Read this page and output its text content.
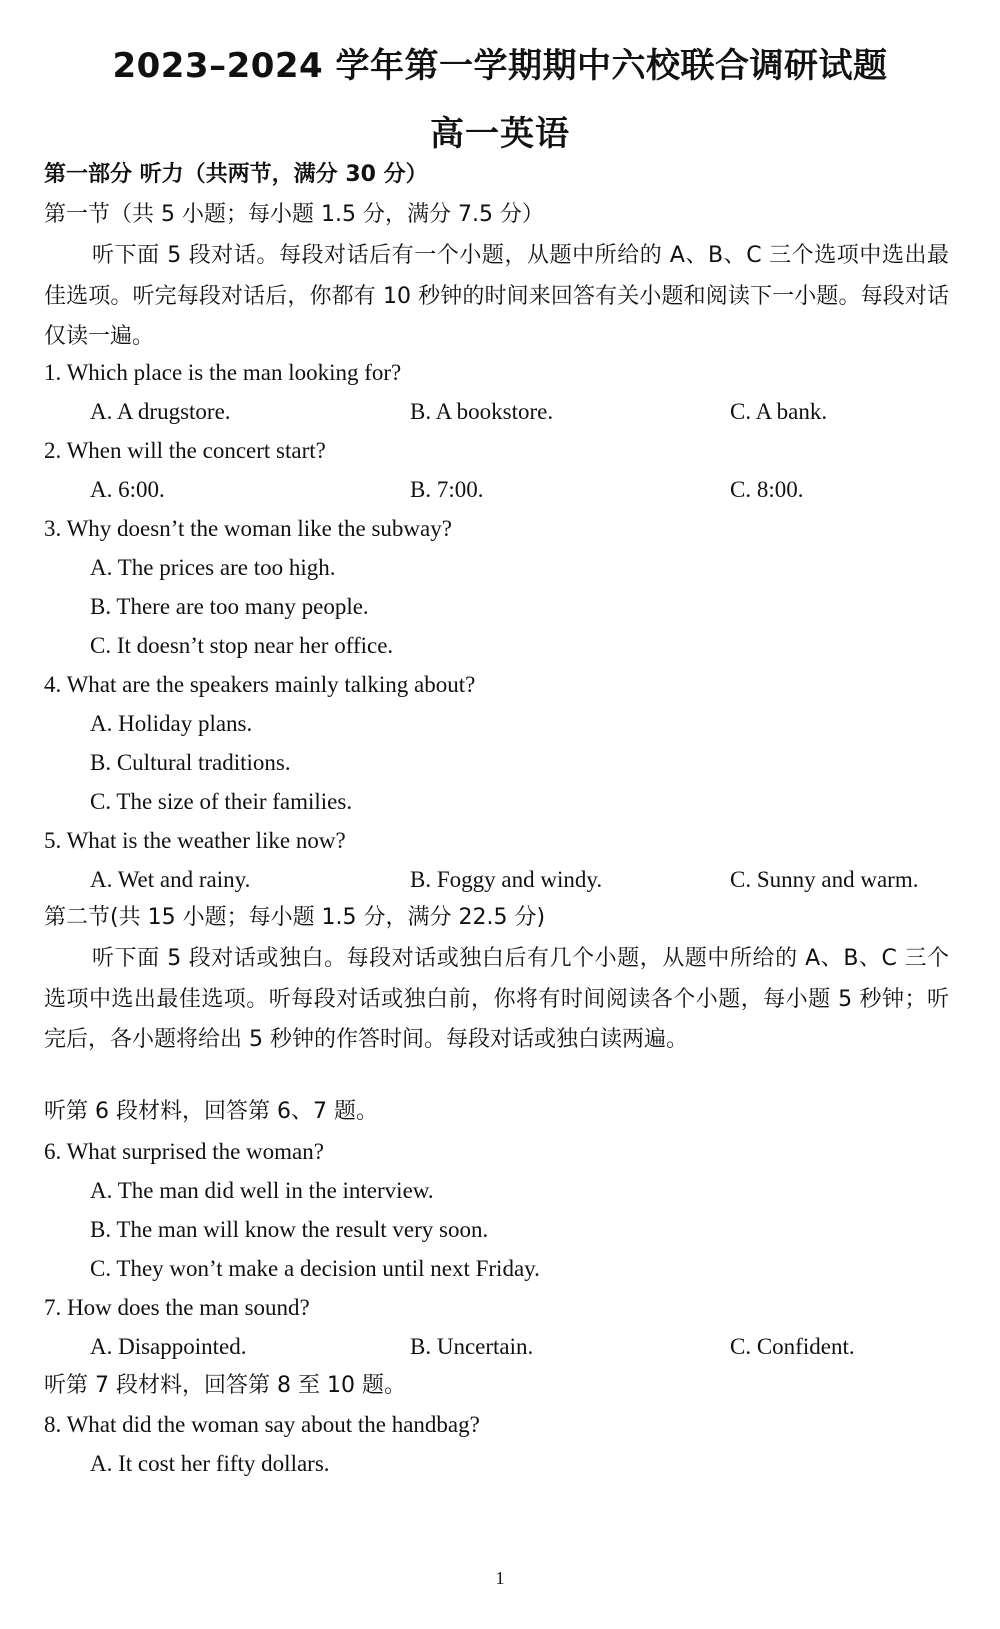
2023–2024 学年第一学期期中六校联合调研试题
高一英语
第一部分 听力（共两节，满分 30 分）
第一节（共 5 小题；每小题 1.5 分，满分 7.5 分）
听下面 5 段对话。每段对话后有一个小题，从题中所给的 A、B、C 三个选项中选出最佳选项。听完每段对话后，你都有 10 秒钟的时间来回答有关小题和阅读下一小题。每段对话仅读一遍。
1. Which place is the man looking for?
A. A drugstore.	B. A bookstore.	C. A bank.
2. When will the concert start?
A. 6:00.	B. 7:00.	C. 8:00.
3. Why doesn’t the woman like the subway?
A. The prices are too high.
B. There are too many people.
C. It doesn’t stop near her office.
4. What are the speakers mainly talking about?
A. Holiday plans.
B. Cultural traditions.
C. The size of their families.
5. What is the weather like now?
A. Wet and rainy.	B. Foggy and windy.	C. Sunny and warm.
第二节(共 15 小题；每小题 1.5 分，满分 22.5 分)
听下面 5 段对话或独白。每段对话或独白后有几个小题，从题中所给的 A、B、C 三个选项中选出最佳选项。听每段对话或独白前，你将有时间阅读各个小题，每小题 5 秒钟；听完后，各小题将给出 5 秒钟的作答时间。每段对话或独白读两遍。
听第 6 段材料，回答第 6、7 题。
6. What surprised the woman?
A. The man did well in the interview.
B. The man will know the result very soon.
C. They won’t make a decision until next Friday.
7. How does the man sound?
A. Disappointed.	B. Uncertain.	C. Confident.
听第 7 段材料，回答第 8 至 10 题。
8. What did the woman say about the handbag?
A. It cost her fifty dollars.
1
